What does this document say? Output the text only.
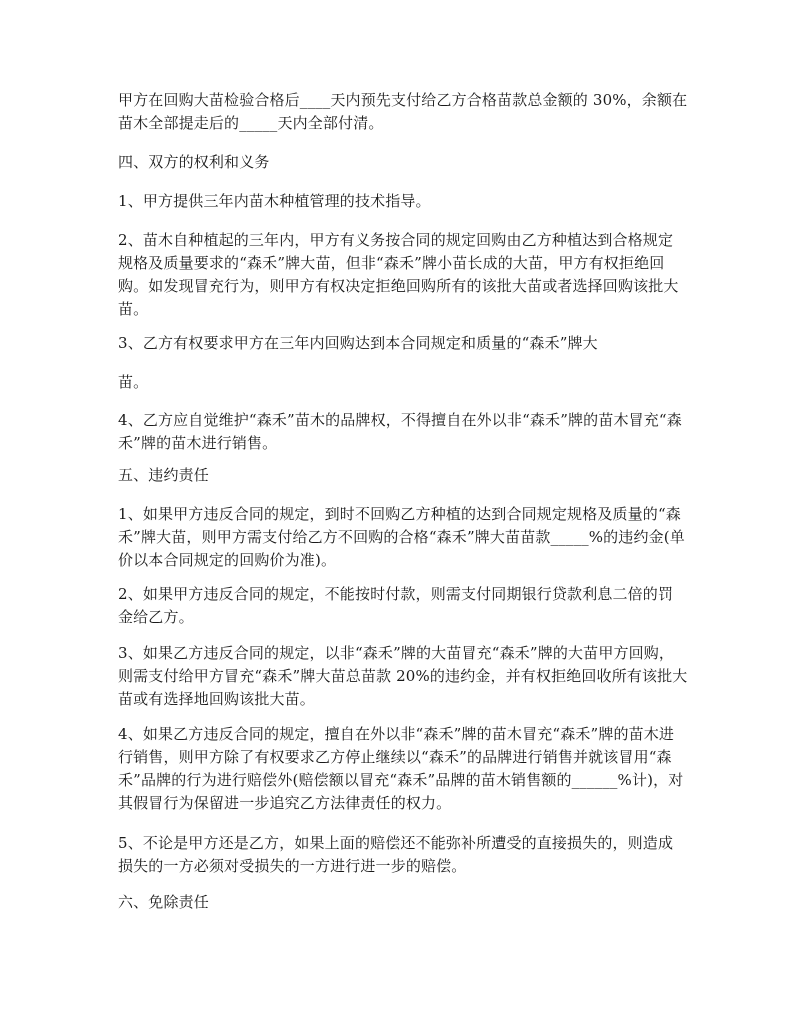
甲方在回购大苗检验合格后____天内预先支付给乙方合格苗款总金额的 30%，余额在苗木全部提走后的_____天内全部付清。

四、双方的权利和义务

1、甲方提供三年内苗木种植管理的技术指导。

2、苗木自种植起的三年内，甲方有义务按合同的规定回购由乙方种植达到合格规定规格及质量要求的“森禾”牌大苗，但非“森禾”牌小苗长成的大苗，甲方有权拒绝回购。如发现冒充行为，则甲方有权决定拒绝回购所有的该批大苗或者选择回购该批大苗。

3、乙方有权要求甲方在三年内回购达到本合同规定和质量的“森禾”牌大

苗。

4、乙方应自觉维护“森禾”苗木的品牌权，不得擅自在外以非“森禾”牌的苗木冒充“森禾”牌的苗木进行销售。

五、违约责任

1、如果甲方违反合同的规定，到时不回购乙方种植的达到合同规定规格及质量的“森禾”牌大苗，则甲方需支付给乙方不回购的合格“森禾”牌大苗苗款_____%的违约金(单价以本合同规定的回购价为准)。

2、如果甲方违反合同的规定，不能按时付款，则需支付同期银行贷款利息二倍的罚金给乙方。

3、如果乙方违反合同的规定，以非“森禾”牌的大苗冒充“森禾”牌的大苗甲方回购，则需支付给甲方冒充“森禾”牌大苗总苗款 20%的违约金，并有权拒绝回收所有该批大苗或有选择地回购该批大苗。

4、如果乙方违反合同的规定，擅自在外以非“森禾”牌的苗木冒充“森禾”牌的苗木进行销售，则甲方除了有权要求乙方停止继续以“森禾”的品牌进行销售并就该冒用“森禾”品牌的行为进行赔偿外(赔偿额以冒充“森禾”品牌的苗木销售额的______%计)，对其假冒行为保留进一步追究乙方法律责任的权力。

5、不论是甲方还是乙方，如果上面的赔偿还不能弥补所遭受的直接损失的，则造成损失的一方必须对受损失的一方进行进一步的赔偿。

六、免除责任
